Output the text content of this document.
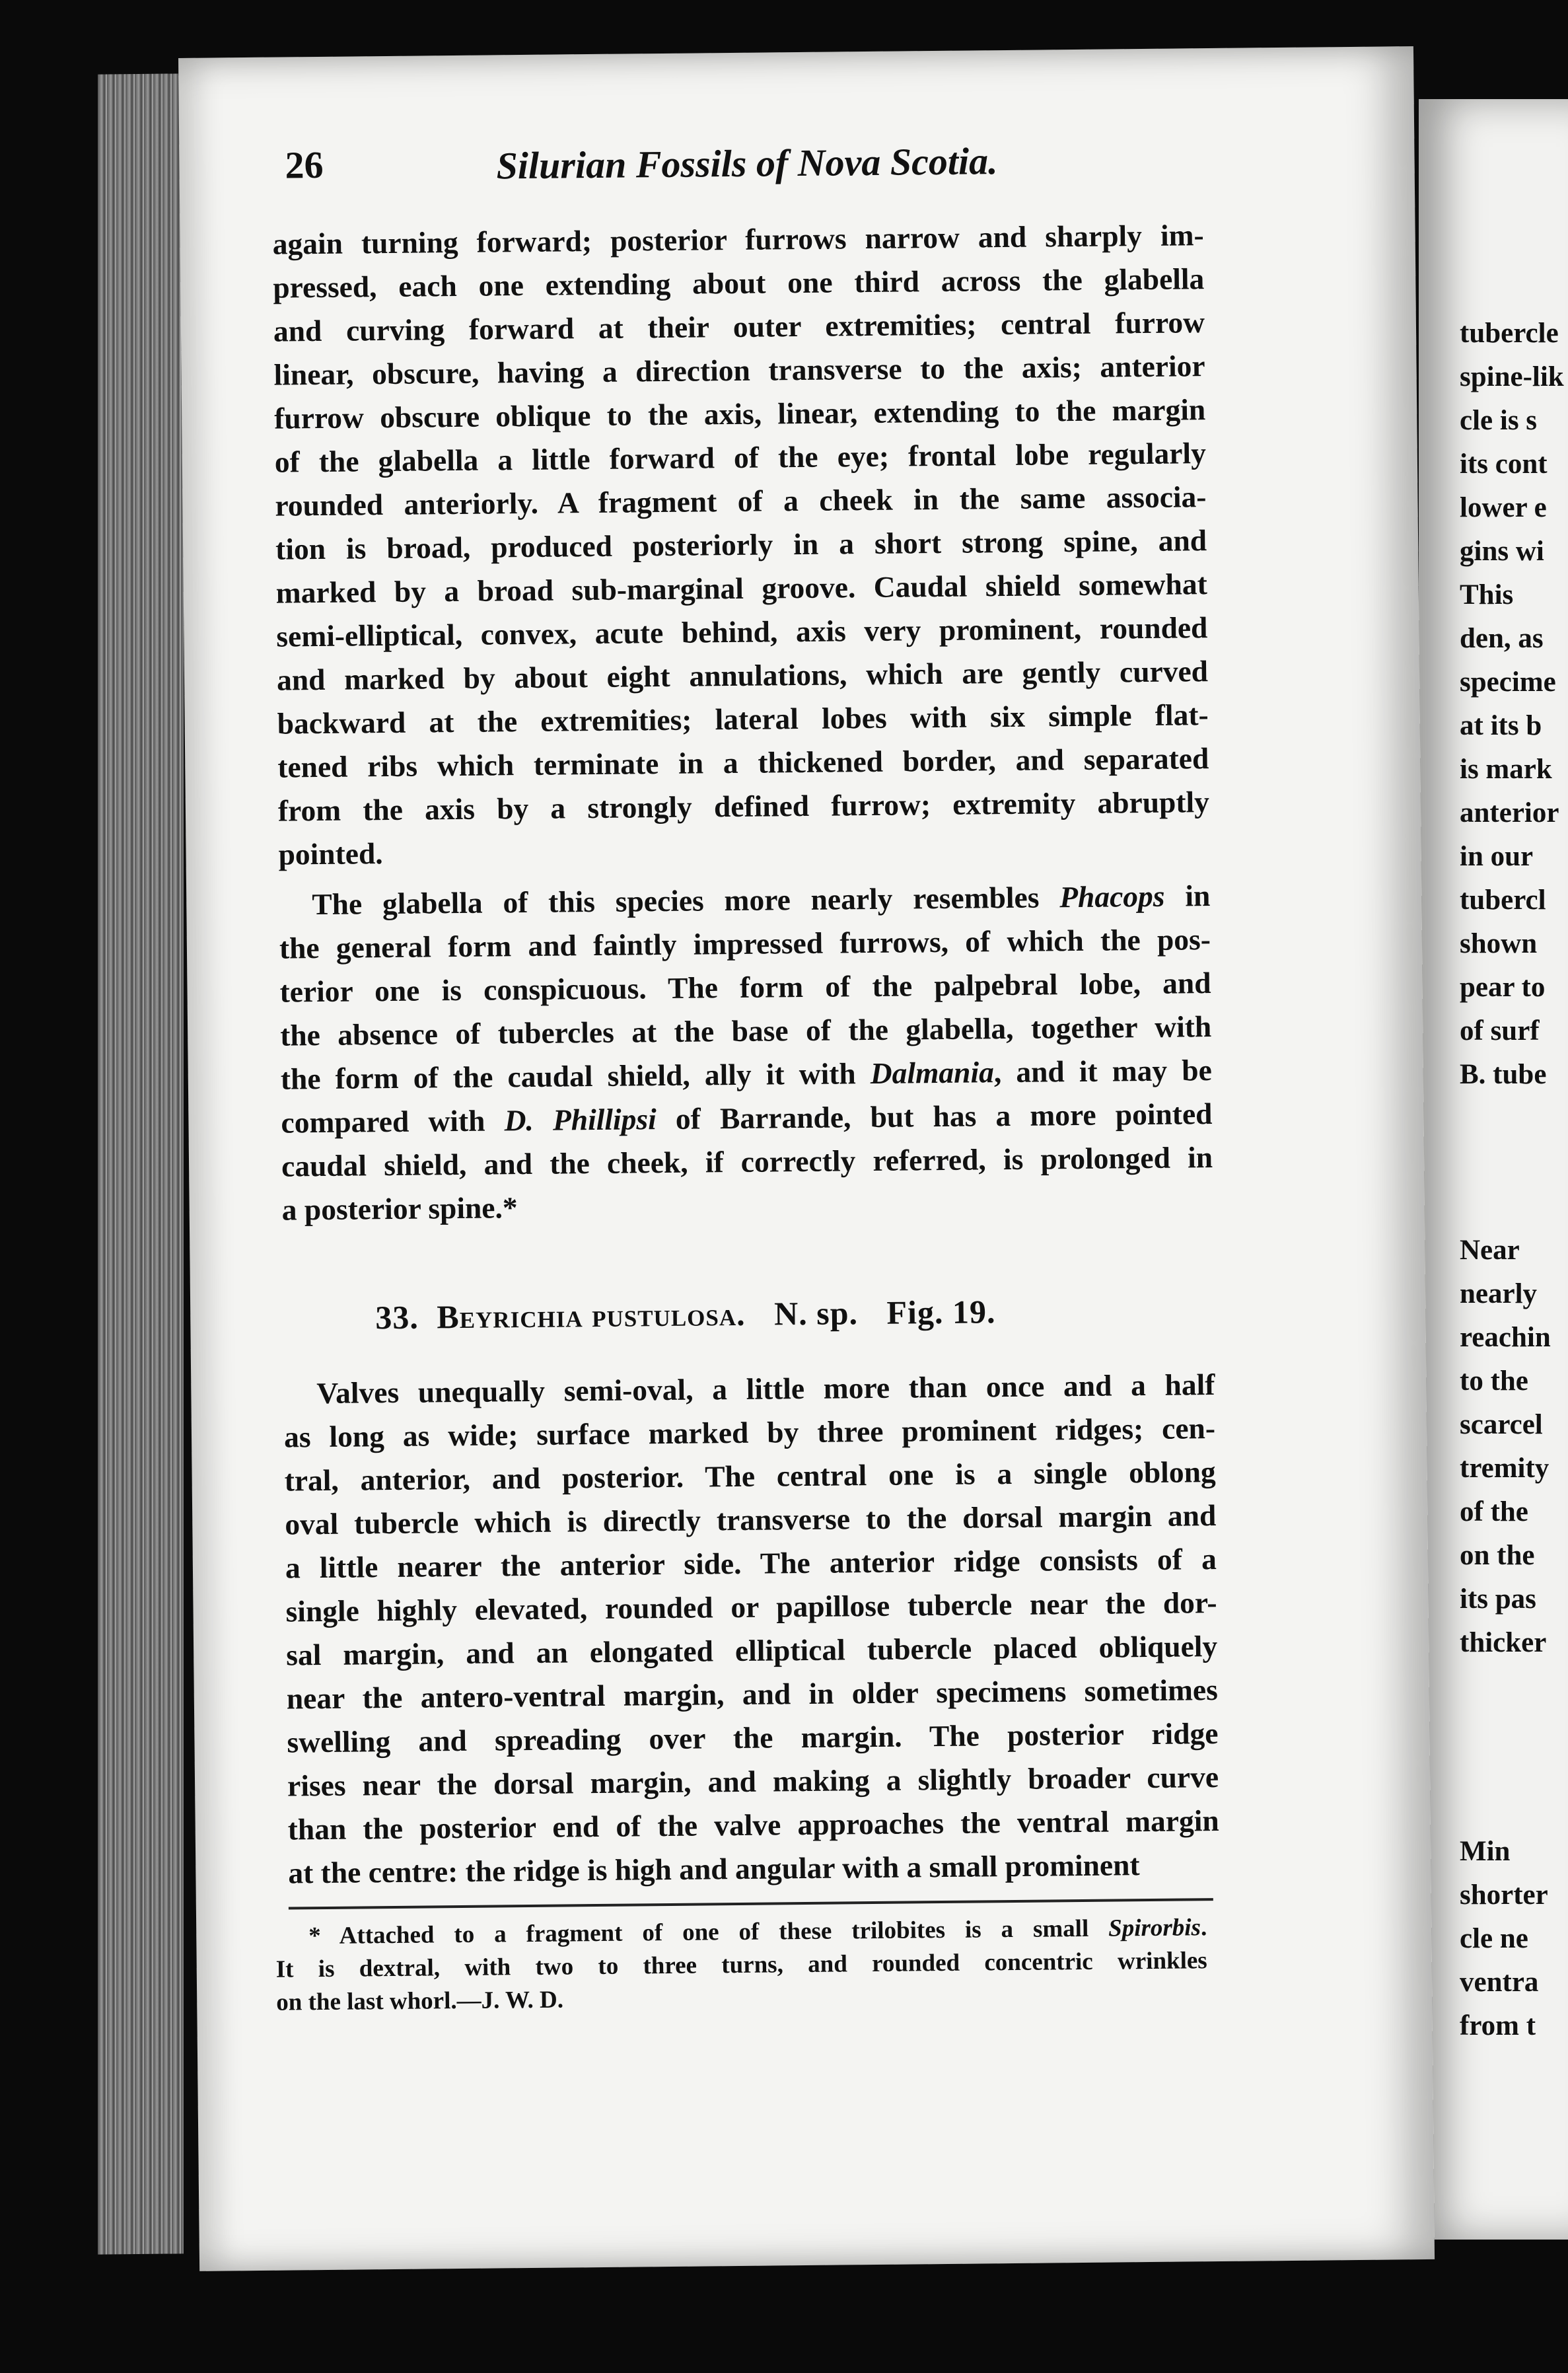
tubercle
spine-lik
cle is s
its cont
lower e
gins wi
This
den, as
specime
at its b
is mark
anterior
in our
tubercl
shown
pear to
of surf
B. tube
Near
nearly
reachin
to the
scarcel
tremity
of the
on the
its pas
thicker
Min
shorter
cle ne
ventra
from t
26	Silurian Fossils of Nova Scotia.
again turning forward; posterior furrows narrow and sharply im-
pressed, each one extending about one third across the glabella
and curving forward at their outer extremities; central furrow
linear, obscure, having a direction transverse to the axis; anterior
furrow obscure oblique to the axis, linear, extending to the margin
of the glabella a little forward of the eye; frontal lobe regularly
rounded anteriorly. A fragment of a cheek in the same associa-
tion is broad, produced posteriorly in a short strong spine, and
marked by a broad sub-marginal groove. Caudal shield somewhat
semi-elliptical, convex, acute behind, axis very prominent, rounded
and marked by about eight annulations, which are gently curved
backward at the extremities; lateral lobes with six simple flat-
tened ribs which terminate in a thickened border, and separated
from the axis by a strongly defined furrow; extremity abruptly
pointed.
The glabella of this species more nearly resembles Phacops in
the general form and faintly impressed furrows, of which the pos-
terior one is conspicuous. The form of the palpebral lobe, and
the absence of tubercles at the base of the glabella, together with
the form of the caudal shield, ally it with Dalmania, and it may be
compared with D. Phillipsi of Barrande, but has a more pointed
caudal shield, and the cheek, if correctly referred, is prolonged in
a posterior spine.*
33. Beyrichia pustulosa. N. sp. Fig. 19.
Valves unequally semi-oval, a little more than once and a half
as long as wide; surface marked by three prominent ridges; cen-
tral, anterior, and posterior. The central one is a single oblong
oval tubercle which is directly transverse to the dorsal margin and
a little nearer the anterior side. The anterior ridge consists of a
single highly elevated, rounded or papillose tubercle near the dor-
sal margin, and an elongated elliptical tubercle placed obliquely
near the antero-ventral margin, and in older specimens sometimes
swelling and spreading over the margin. The posterior ridge
rises near the dorsal margin, and making a slightly broader curve
than the posterior end of the valve approaches the ventral margin
at the centre: the ridge is high and angular with a small prominent
* Attached to a fragment of one of these trilobites is a small Spirorbis.
It is dextral, with two to three turns, and rounded concentric wrinkles
on the last whorl.—J. W. D.
